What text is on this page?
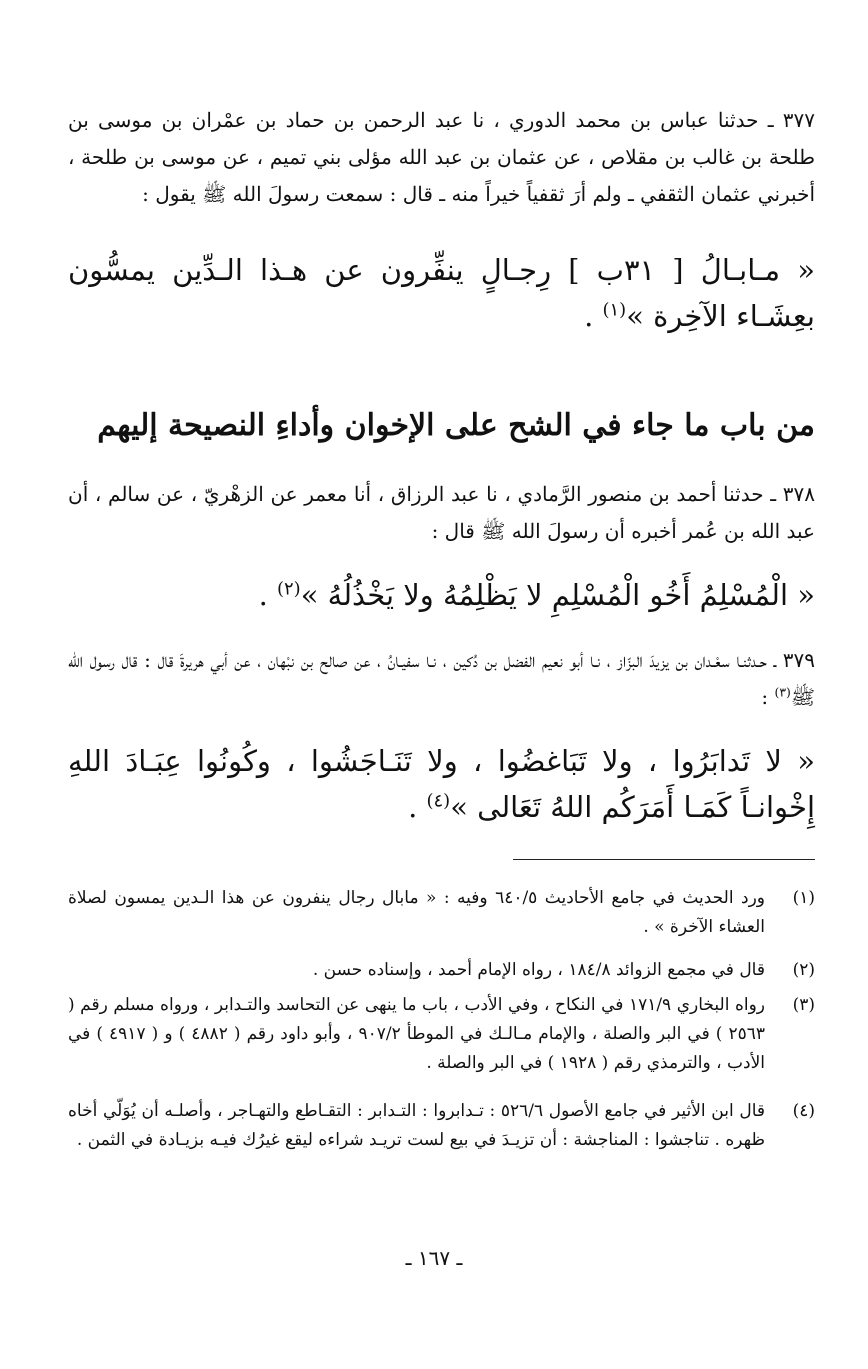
٣٧٧ ـ حدثنا عباس بن محمد الدوري ، نا عبد الرحمن بن حماد بن عمْران بن موسى بن طلحة بن غالب بن مقلاص ، عن عثمان بن عبد الله مؤلى بني تميم ، عن موسى بن طلحة ، أخبرني عثمان الثقفي ـ ولم أرَ ثقفياً خيراً منه ـ قال : سمعت رسولَ الله ﷺ يقول :
« مـابـالُ [ ٣١ب ] رِجـالٍ ينفِّرون عن هـذا الـدِّين يمسُّون بعِشَـاء الآخِرة »$^{(١)}$ .
من باب ما جاء في الشح على الإخوان وأداءِ النصيحة إليهم
٣٧٨ ـ حدثنا أحمد بن منصور الرَّمادي ، نا عبد الرزاق ، أنا معمر عن الزهْريّ ، عن سالم ، أن عبد الله بن عُمر أخبره أن رسولَ الله ﷺ قال :
« الْمُسْلِمُ أَخُو الْمُسْلِمِ لا يَظْلِمُهُ ولا يَخْذُلُهُ »$^{(٢)}$ .
٣٧٩ ـ حـدثنـا سعْـدان بن يزيدَ البزّاز ، نـا أبو نعيم الفضل بن دُكين ، نـا سفيـانُ ، عن صالح بن نبْهان ، عن أبي هريرةَ قال : قال رسول الله ﷺ$^{(٣)}$ :
« لا تَدابَرُوا ، ولا تَبَاغضُوا ، ولا تَنَـاجَشُوا ، وكُونُوا عِبَـادَ اللهِ إِخْوانـاً كَمَـا أَمَرَكُم اللهُ تَعَالى »$^{(٤)}$ .
(١)
ورد الحديث في جامع الأحاديث ٦٤٠/٥ وفيه : « مابال رجال ينفرون عن هذا الـدين يمسون لصلاة العشاء الآخرة » .
(٢)
قال في مجمع الزوائد ١٨٤/٨ ، رواه الإمام أحمد ، وإسناده حسن .
(٣)
رواه البخاري ١٧١/٩ في النكاح ، وفي الأدب ، باب ما ينهى عن التحاسد والتـدابر ، ورواه مسلم رقم ( ٢٥٦٣ ) في البر والصلة ، والإمام مـالـك في الموطأ ٩٠٧/٢ ، وأبو داود رقم ( ٤٨٨٢ ) و ( ٤٩١٧ ) في الأدب ، والترمذي رقم ( ١٩٢٨ ) في البر والصلة .
(٤)
قال ابن الأثير في جامع الأصول ٥٢٦/٦ : تـدابروا : التـدابر : التقـاطع والتهـاجر ، وأصلـه أن يُوَلّي أخاه ظهره . تناجشوا : المناجشة : أن تزيـدَ في بيع لست تريـد شراءه ليقع غيرُك فيـه بزيـادة في الثمن .
ـ ١٦٧ ـ
